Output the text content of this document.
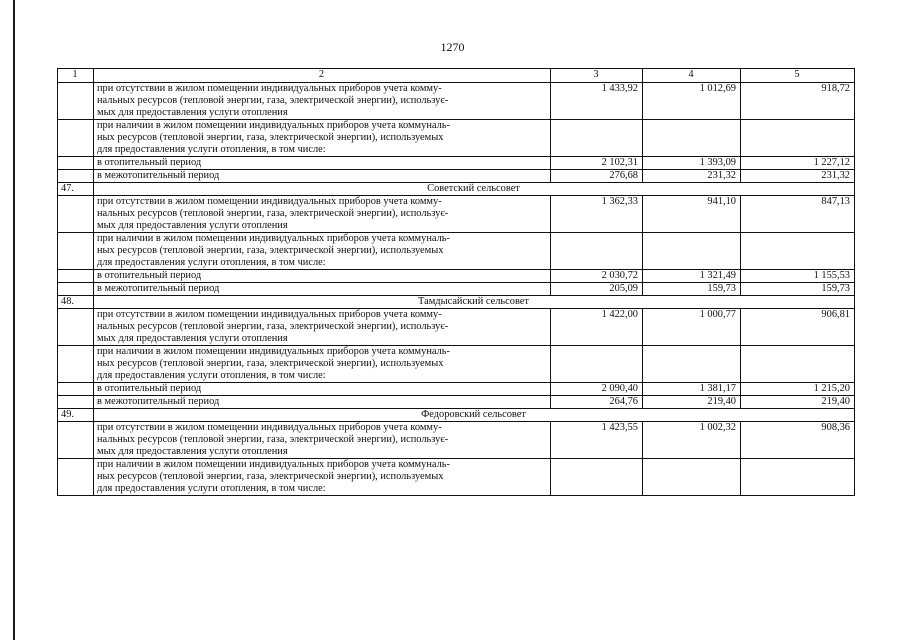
1270
1	2	3	4	5

	при отсутствии в жилом помещении индивидуальных приборов учета комму-
нальных ресурсов (тепловой энергии, газа, электрической энергии), использує-
мых для предоставления услуги отопления	1 433,92	1 012,69	918,72

	при наличии в жилом помещении индивидуальных приборов учета коммуналь-
ных ресурсов (тепловой энергии, газа, электрической энергии), используемых
для предоставления услуги отопления, в том числе:			

	в отопительный период	2 102,31	1 393,09	1 227,12

	в межотопительный период	276,68	231,32	231,32
47.	Советский сельсовет			

	при отсутствии в жилом помещении индивидуальных приборов учета комму-
нальных ресурсов (тепловой энергии, газа, электрической энергии), использує-
мых для предоставления услуги отопления	1 362,33	941,10	847,13

	при наличии в жилом помещении индивидуальных приборов учета коммуналь-
ных ресурсов (тепловой энергии, газа, электрической энергии), используемых
для предоставления услуги отопления, в том числе:			

	в отопительный период	2 030,72	1 321,49	1 155,53

	в межотопительный период	205,09	159,73	159,73
48.	Тамдысайский сельсовет			

	при отсутствии в жилом помещении индивидуальных приборов учета комму-
нальных ресурсов (тепловой энергии, газа, электрической энергии), использує-
мых для предоставления услуги отопления	1 422,00	1 000,77	906,81

	при наличии в жилом помещении индивидуальных приборов учета коммуналь-
ных ресурсов (тепловой энергии, газа, электрической энергии), используемых
для предоставления услуги отопления, в том числе:			

	в отопительный период	2 090,40	1 381,17	1 215,20

	в межотопительный период	264,76	219,40	219,40
49.	Федоровский сельсовет			

	при отсутствии в жилом помещении индивидуальных приборов учета комму-
нальных ресурсов (тепловой энергии, газа, электрической энергии), использує-
мых для предоставления услуги отопления	1 423,55	1 002,32	908,36

	при наличии в жилом помещении индивидуальных приборов учета коммуналь-
ных ресурсов (тепловой энергии, газа, электрической энергии), используемых
для предоставления услуги отопления, в том числе:			
